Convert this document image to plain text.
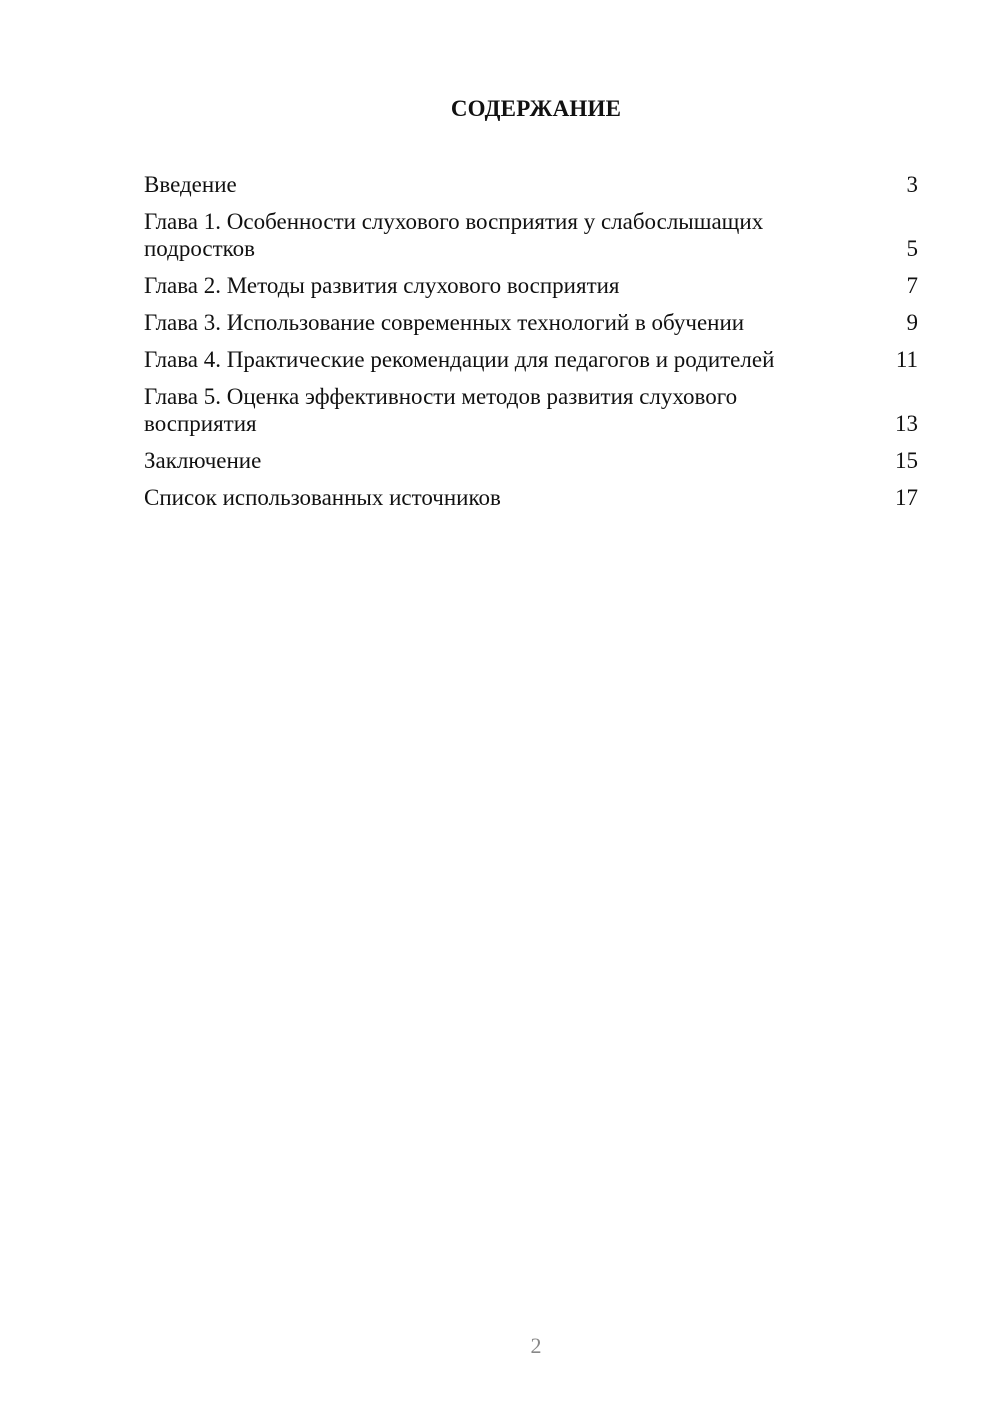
СОДЕРЖАНИЕ
Введение	3
Глава 1. Особенности слухового восприятия у слабослышащих подростков	5
Глава 2. Методы развития слухового восприятия	7
Глава 3. Использование современных технологий в обучении	9
Глава 4. Практические рекомендации для педагогов и родителей	11
Глава 5. Оценка эффективности методов развития слухового восприятия	13
Заключение	15
Список использованных источников	17
2
